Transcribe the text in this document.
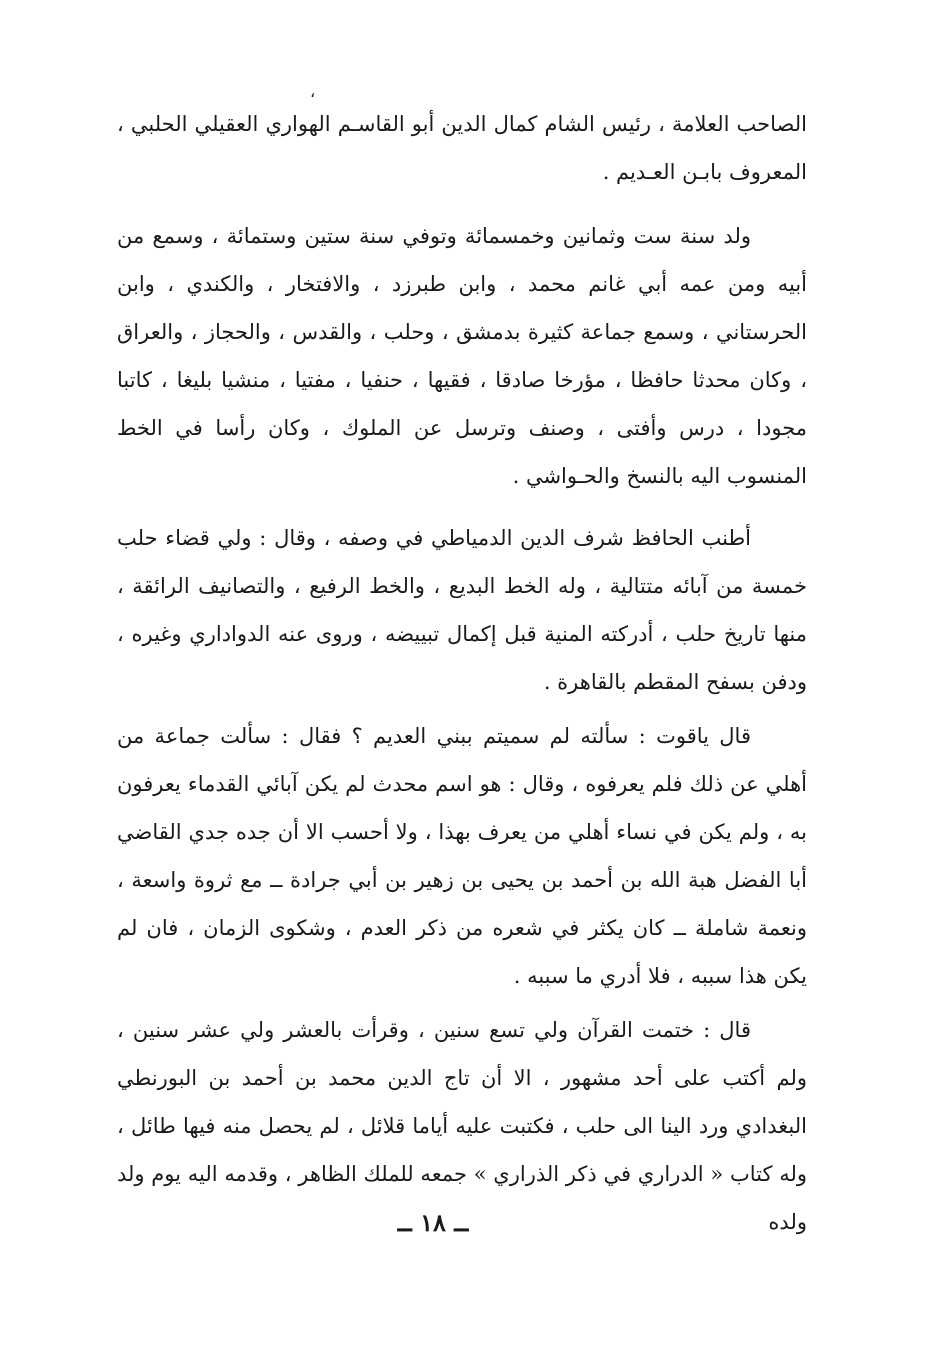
،

الصاحب العلامة ، رئيس الشام كمال الدين أبو القاسـم الهواري العقيلي الحلبي ، المعروف بابـن العـديم .

ولد سنة ست وثمانين وخمسمائة وتوفي سنة ستين وستمائة ، وسمع من أبيه ومن عمه أبي غانم محمد ، وابن طبرزد ، والافتخار ، والكندي ، وابن الحرستاني ، وسمع جماعة كثيرة بدمشق ، وحلب ، والقدس ، والحجاز ، والعراق ، وكان محدثا حافظا ، مؤرخا صادقا ، فقيها ، حنفيا ، مفتيا ، منشيا بليغا ، كاتبا مجودا ، درس وأفتى ، وصنف وترسل عن الملوك ، وكان رأسا في الخط المنسوب اليه بالنسخ والحـواشي .

أطنب الحافظ شرف الدين الدمياطي في وصفه ، وقال : ولي قضاء حلب خمسة من آبائه متتالية ، وله الخط البديع ، والخط الرفيع ، والتصانيف الرائقة ، منها تاريخ حلب ، أدركته المنية قبل إكمال تبييضه ، وروى عنه الدواداري وغيره ، ودفن بسفح المقطم بالقاهرة .

قال ياقوت : سألته لم سميتم ببني العديم ؟ فقال : سألت جماعة من أهلي عن ذلك فلم يعرفوه ، وقال : هو اسم محدث لم يكن آبائي القدماء يعرفون به ، ولم يكن في نساء أهلي من يعرف بهذا ، ولا أحسب الا أن جده جدي القاضي أبا الفضل هبة الله بن أحمد بن يحيى بن زهير بن أبي جرادة ــ مع ثروة واسعة ، ونعمة شاملة ــ كان يكثر في شعره من ذكر العدم ، وشكوى الزمان ، فان لم يكن هذا سببه ، فلا أدري ما سببه .

قال : ختمت القرآن ولي تسع سنين ، وقرأت بالعشر ولي عشر سنين ، ولم أكتب على أحد مشهور ، الا أن تاج الدين محمد بن أحمد بن البورنطي البغدادي ورد الينا الى حلب ، فكتبت عليه أياما قلائل ، لم يحصل منه فيها طائل ، وله كتاب « الدراري في ذكر الذراري » جمعه للملك الظاهر ، وقدمه اليه يوم ولد ولده

ــ ١٨ ــ
